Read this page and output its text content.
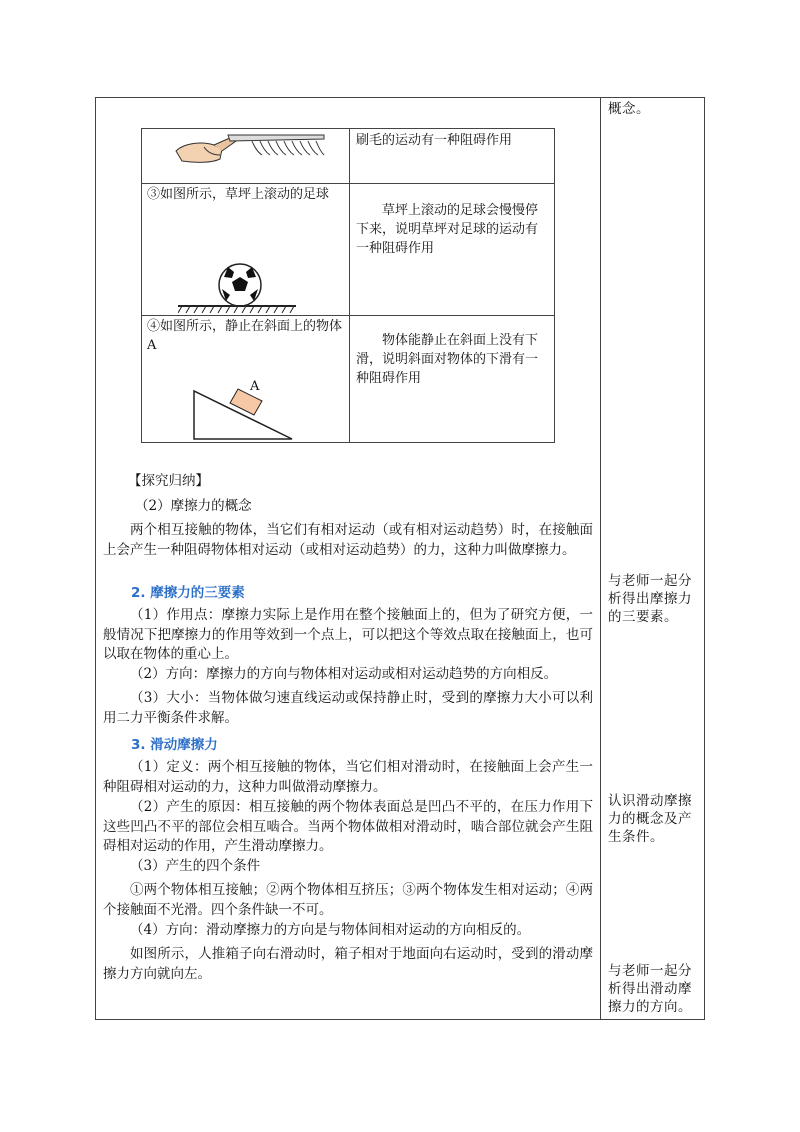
概念。
与老师一起分析得出摩擦力的三要素。
认识滑动摩擦力的概念及产生条件。
与老师一起分析得出滑动摩擦力的方向。
刷毛的运动有一种阻碍作用
③如图所示，草坪上滚动的足球
草坪上滚动的足球会慢慢停下来，说明草坪对足球的运动有一种阻碍作用
④如图所示，静止在斜面上的物体 A
A
物体能静止在斜面上没有下滑，说明斜面对物体的下滑有一种阻碍作用
【探究归纳】
（2）摩擦力的概念
两个相互接触的物体，当它们有相对运动（或有相对运动趋势）时，在接触面上会产生一种阻碍物体相对运动（或相对运动趋势）的力，这种力叫做摩擦力。
2. 摩擦力的三要素
（1）作用点：摩擦力实际上是作用在整个接触面上的，但为了研究方便，一般情况下把摩擦力的作用等效到一个点上，可以把这个等效点取在接触面上，也可以取在物体的重心上。
（2）方向：摩擦力的方向与物体相对运动或相对运动趋势的方向相反。
（3）大小：当物体做匀速直线运动或保持静止时，受到的摩擦力大小可以利用二力平衡条件求解。
3. 滑动摩擦力
（1）定义：两个相互接触的物体，当它们相对滑动时，在接触面上会产生一种阻碍相对运动的力，这种力叫做滑动摩擦力。
（2）产生的原因：相互接触的两个物体表面总是凹凸不平的，在压力作用下这些凹凸不平的部位会相互啮合。当两个物体做相对滑动时，啮合部位就会产生阻碍相对运动的作用，产生滑动摩擦力。
（3）产生的四个条件
①两个物体相互接触；②两个物体相互挤压；③两个物体发生相对运动；④两个接触面不光滑。四个条件缺一不可。
（4）方向：滑动摩擦力的方向是与物体间相对运动的方向相反的。
如图所示，人推箱子向右滑动时，箱子相对于地面向右运动时，受到的滑动摩擦力方向就向左。
